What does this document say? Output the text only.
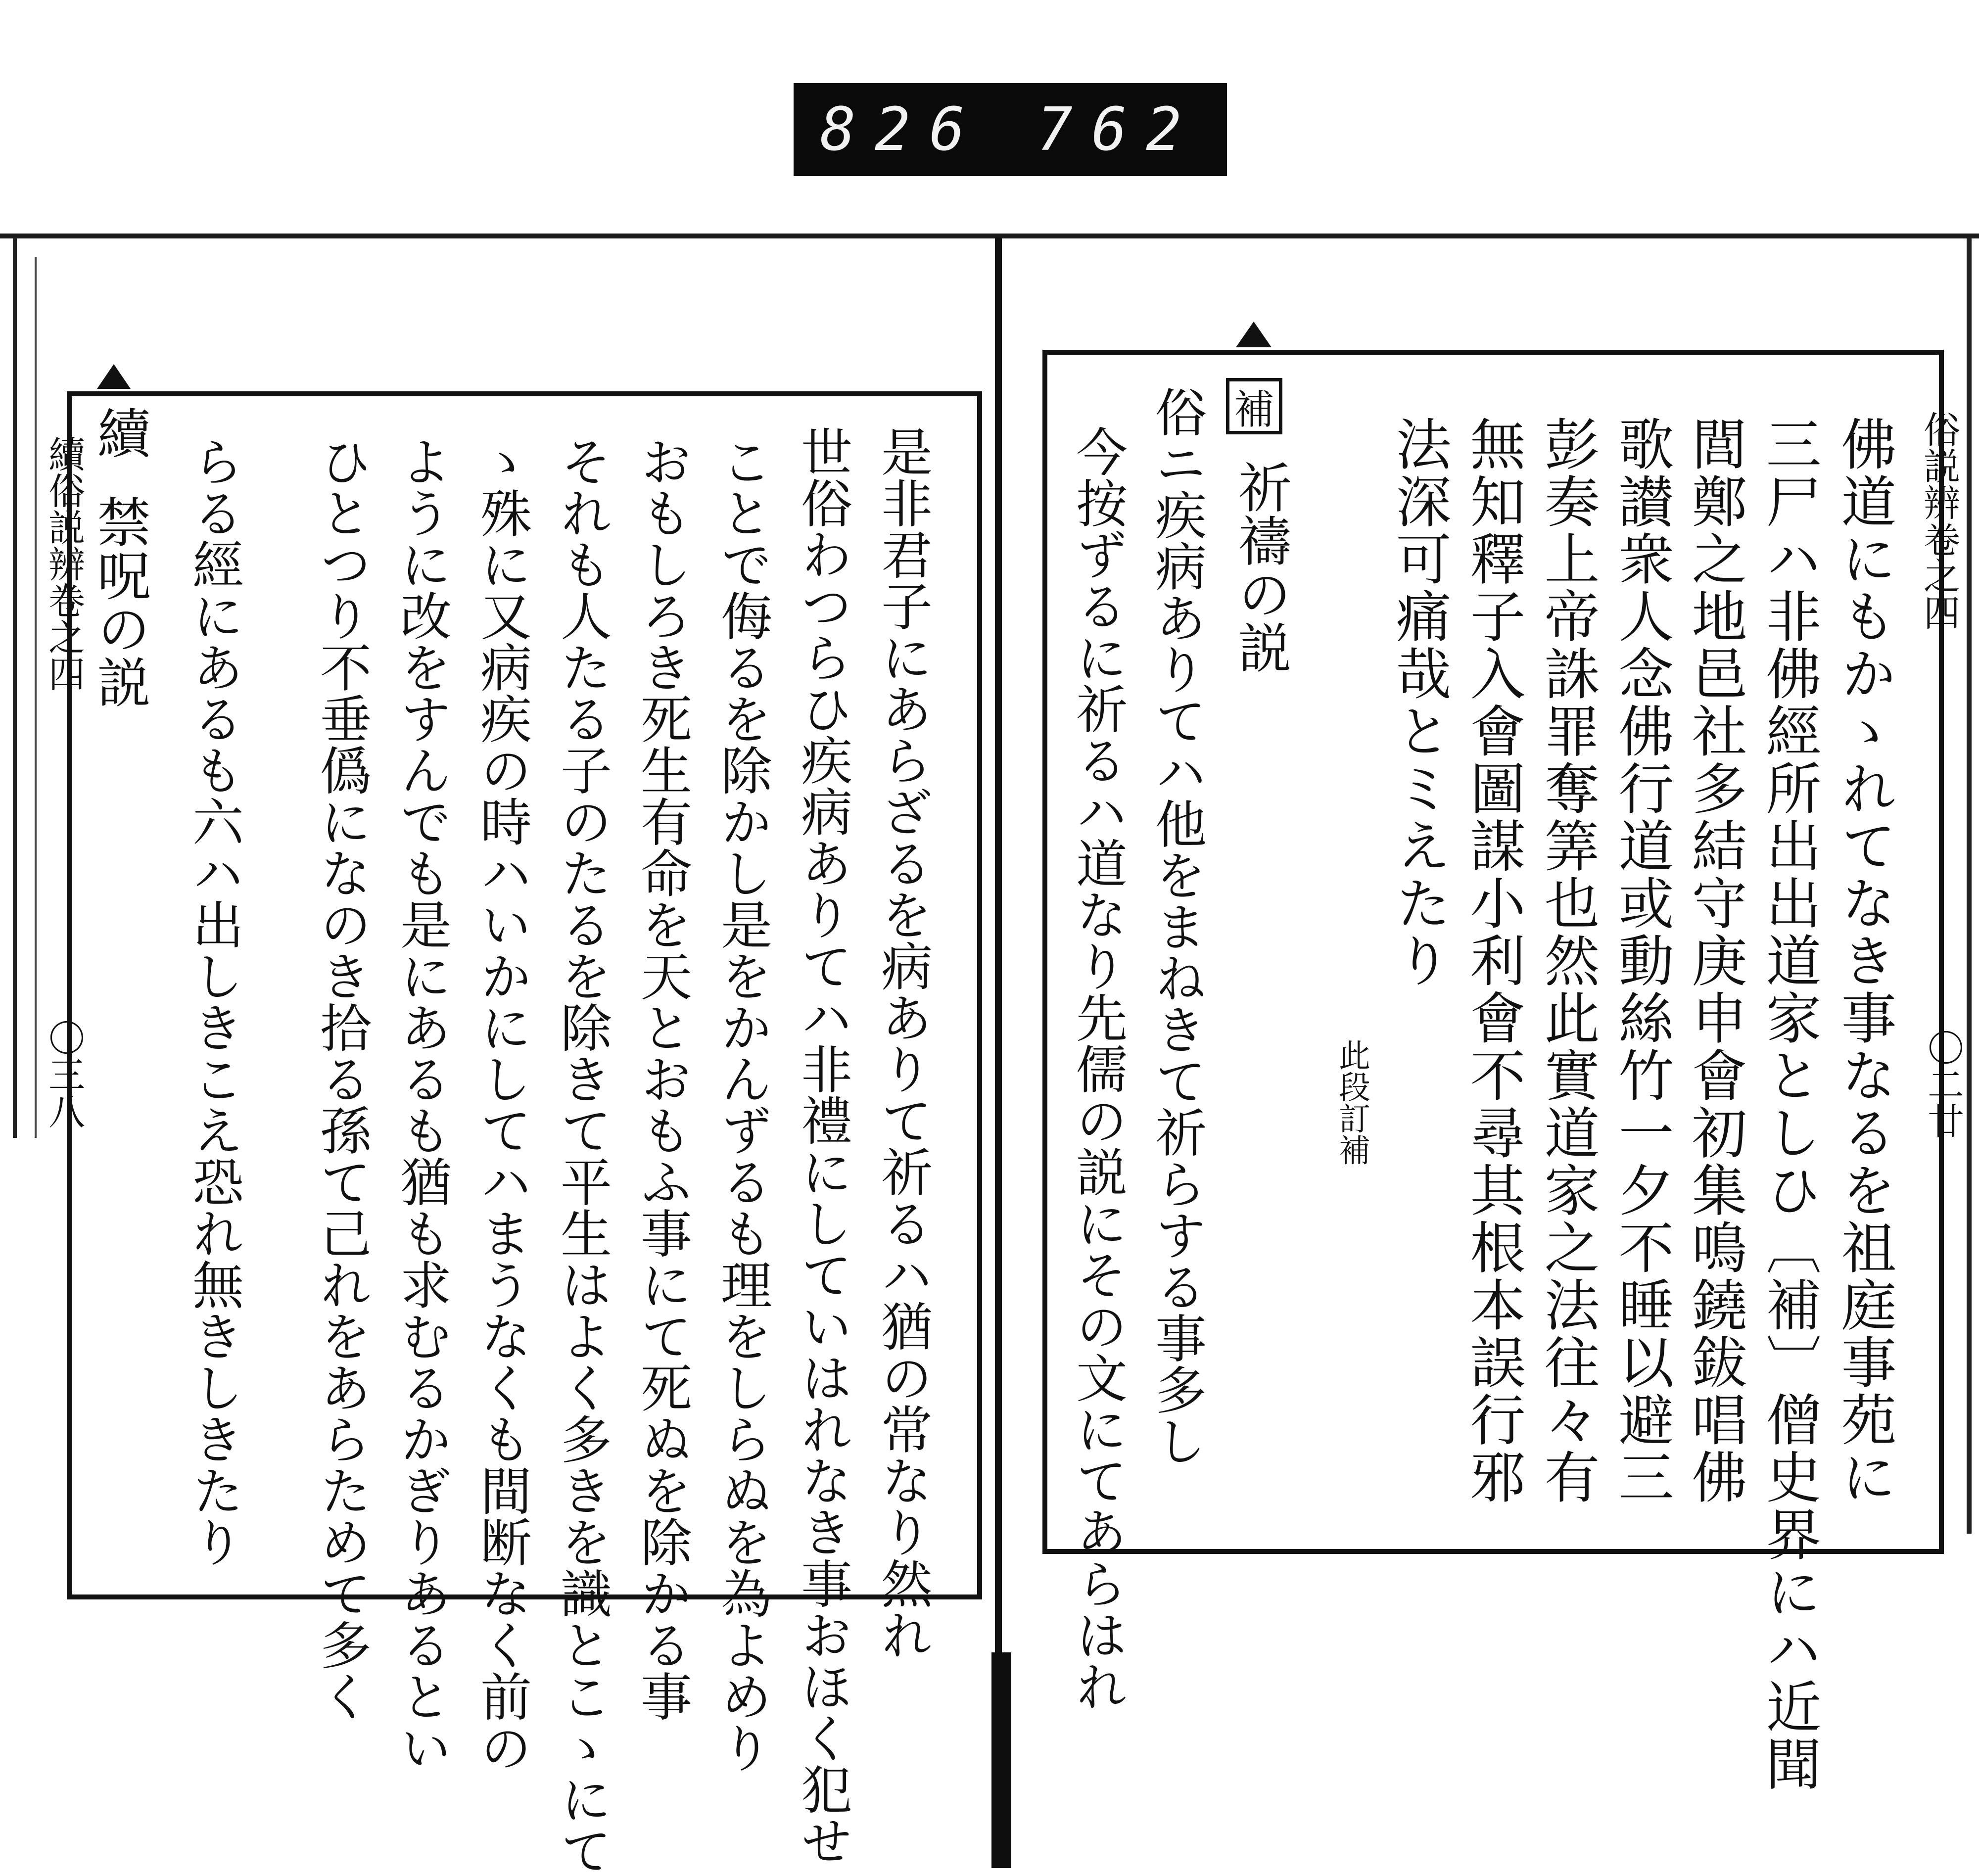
826 762
俗説辨卷之四
〇二廿
佛道にもかゝれてなき事なるを祖庭事苑に
三尸ハ非佛經所出出道家としひ〔補〕僧史界にハ近聞
閭鄭之地邑社多結守庚申會初集鳴鐃鈸唱佛
歌讃衆人念佛行道或動絲竹一夕不睡以避三
彭奏上帝誅罪奪筭也然此實道家之法往々有
無知釋子入會圖謀小利會不尋其根本誤行邪
法深可痛哉とミえたり
此段訂補
補
祈禱の説
俗ニ疾病ありてハ他をまねきて祈らする事多し
今按ずるに祈るハ道なり先儒の説にその文にてあらはれ
續俗説辨卷之四
〇三八	是非君子にあらざるを病ありて祈るハ猶の常なり然れ
世俗わつらひ疾病ありてハ非禮にしていはれなき事おほく犯せ
ことで侮るを除かし是をかんずるも理をしらぬを為よめり
おもしろき死生有命を天とおもふ事にて死ぬを除かる事
それも人たる子のたるを除きて平生はよく多きを識とこゝにて
ゝ殊に又病疾の時ハいかにしてハまうなくも間断なく前の
ように改をすんでも是にあるも猶も求むるかぎりあるとい
ひとつり不垂僞になのき拾る孫て己れをあらためて多く
續
禁呪の説 らる經にあるも六ハ出しきこえ恐れ無きしきたり
